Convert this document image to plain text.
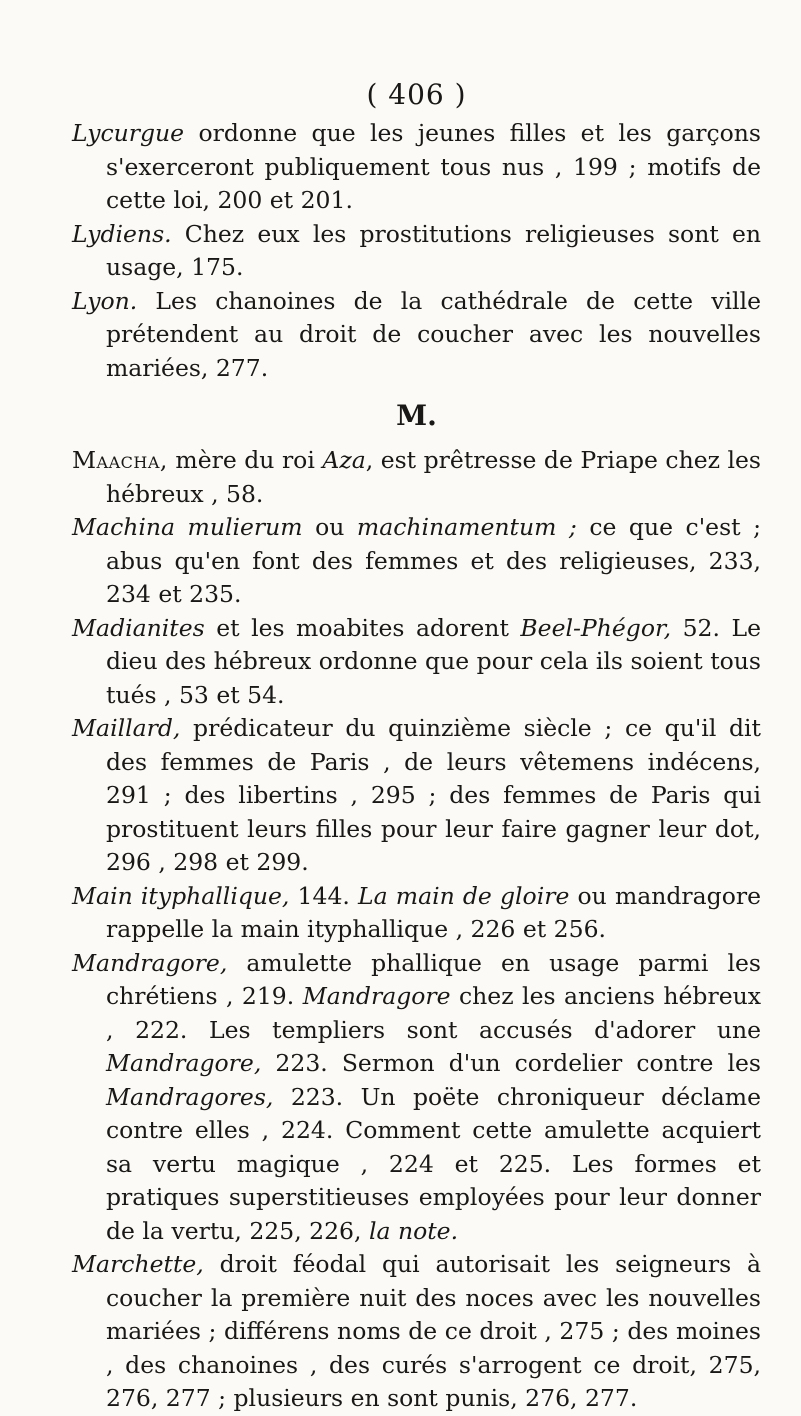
( 406 )

Lycurgue ordonne que les jeunes filles et les garçons s'exerceront publiquement tous nus , 199 ; motifs de cette loi, 200 et 201.

Lydiens. Chez eux les prostitutions religieuses sont en usage, 175.

Lyon. Les chanoines de la cathédrale de cette ville prétendent au droit de coucher avec les nouvelles mariées, 277.

M.

Maacha, mère du roi Aza, est prêtresse de Priape chez les hébreux , 58.

Machina mulierum ou machinamentum ; ce que c'est ; abus qu'en font des femmes et des religieuses, 233, 234 et 235.

Madianites et les moabites adorent Beel-Phégor, 52. Le dieu des hébreux ordonne que pour cela ils soient tous tués , 53 et 54.

Maillard, prédicateur du quinzième siècle ; ce qu'il dit des femmes de Paris , de leurs vêtemens indécens, 291 ; des libertins , 295 ; des femmes de Paris qui prostituent leurs filles pour leur faire gagner leur dot, 296 , 298 et 299.

Main ityphallique, 144. La main de gloire ou mandragore rappelle la main ityphallique , 226 et 256.

Mandragore, amulette phallique en usage parmi les chrétiens , 219. Mandragore chez les anciens hébreux , 222. Les templiers sont accusés d'adorer une Mandragore, 223. Sermon d'un cordelier contre les Mandragores, 223. Un poëte chroniqueur déclame contre elles , 224. Comment cette amulette acquiert sa vertu magique , 224 et 225. Les formes et pratiques superstitieuses employées pour leur donner de la vertu, 225, 226, la note.

Marchette, droit féodal qui autorisait les seigneurs à coucher la première nuit des noces avec les nouvelles mariées ; différens noms de ce droit , 275 ; des moines , des chanoines , des curés s'arrogent ce droit, 275, 276, 277 ; plusieurs en sont punis, 276, 277.
